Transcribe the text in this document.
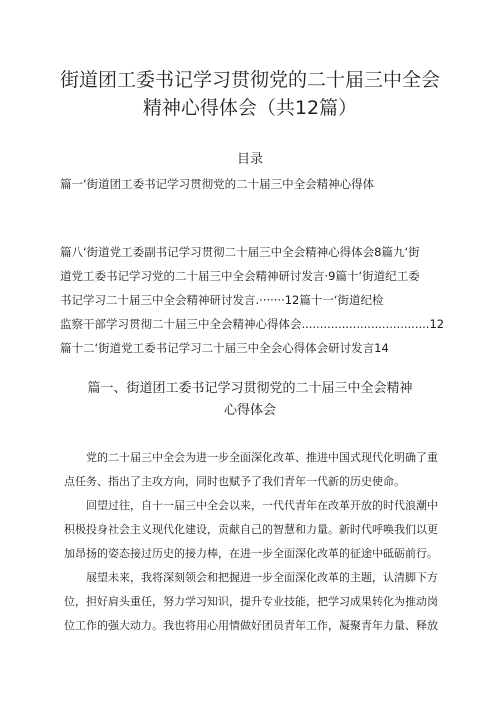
街道团工委书记学习贯彻党的二十届三中全会
精神心得体会（共12篇）
目录
篇一‘街道团工委书记学习贯彻党的二十届三中全会精神心得体
篇八‘街道党工委副书记学习贯彻二十届三中全会精神心得体会8篇九‘街
道党工委书记学习党的二十届三中全会精神研讨发言·9篇十‘街道纪工委
书记学习二十届三中全会精神研讨发言.·······12篇十一‘街道纪检
监察干部学习贯彻二十届三中全会精神心得体会...................................12
篇十二‘街道党工委书记学习二十届三中全会心得体会研讨发言14
篇一、街道团工委书记学习贯彻党的二十届三中全会精神
心得体会
　　党的二十届三中全会为进一步全面深化改革、推进中国式现代化明确了重
点任务、指出了主攻方向，同时也赋予了我们青年一代新的历史使命。
　　回望过往，自十一届三中全会以来，一代代青年在改革开放的时代浪潮中
积极投身社会主义现代化建设，贡献自己的智慧和力量。新时代呼唤我们以更
加昂扬的姿态接过历史的接力棒，在进一步全面深化改革的征途中砥砺前行。
　　展望未来，我将深刻领会和把握进一步全面深化改革的主题，认清脚下方
位，担好肩头重任，努力学习知识，提升专业技能，把学习成果转化为推动岗
位工作的强大动力。我也将用心用情做好团员青年工作，凝聚青年力量、释放
